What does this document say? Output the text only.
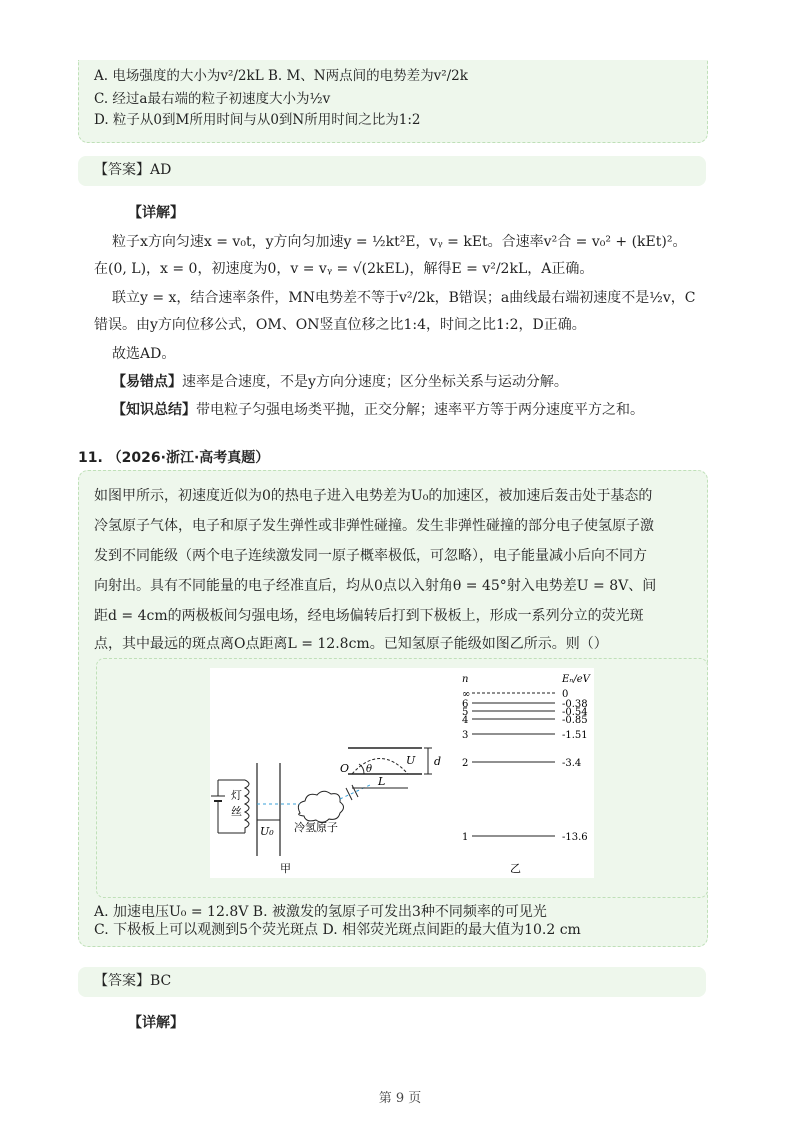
A. 电场强度的大小为v²/2kL B. M、N两点间的电势差为v²/2k
C. 经过a最右端的粒子初速度大小为½v
D. 粒子从0到M所用时间与从0到N所用时间之比为1:2
【答案】AD
【详解】
粒子x方向匀速x = v₀t，y方向匀加速y = ½kt²E，vᵧ = kEt。合速率v²合 = v₀² + (kEt)²。
在(0, L)，x = 0，初速度为0，v = vᵧ = √(2kEL)，解得E = v²/2kL，A正确。
联立y = x，结合速率条件，MN电势差不等于v²/2k，B错误；a曲线最右端初速度不是½v，C
错误。由y方向位移公式，OM、ON竖直位移之比1:4，时间之比1:2，D正确。
故选AD。
【易错点】速率是合速度，不是y方向分速度；区分坐标关系与运动分解。
【知识总结】带电粒子匀强电场类平抛，正交分解；速率平方等于两分速度平方之和。
11. （2026·浙江·高考真题）
如图甲所示，初速度近似为0的热电子进入电势差为U₀的加速区，被加速后轰击处于基态的
冷氢原子气体，电子和原子发生弹性或非弹性碰撞。发生非弹性碰撞的部分电子使氢原子激
发到不同能级（两个电子连续激发同一原子概率极低，可忽略），电子能量减小后向不同方
向射出。具有不同能量的电子经准直后，均从0点以入射角θ = 45°射入电势差U = 8V、间
距d = 4cm的两极板间匀强电场，经电场偏转后打到下极板上，形成一系列分立的荧光斑
点，其中最远的斑点离O点距离L = 12.8cm。已知氢原子能级如图乙所示。则（）
灯
丝
U₀ 冷氢原子
O θ
U d
L
甲	乙
n	Eₙ/eV
∞	0
6	-0.38
5	-0.54
4	-0.85
3	-1.51
2	-3.4
1	-13.6
A. 加速电压U₀ = 12.8V B. 被激发的氢原子可发出3种不同频率的可见光
C. 下极板上可以观测到5个荧光斑点 D. 相邻荧光斑点间距的最大值为10.2 cm
【答案】BC
【详解】
第 9 页
